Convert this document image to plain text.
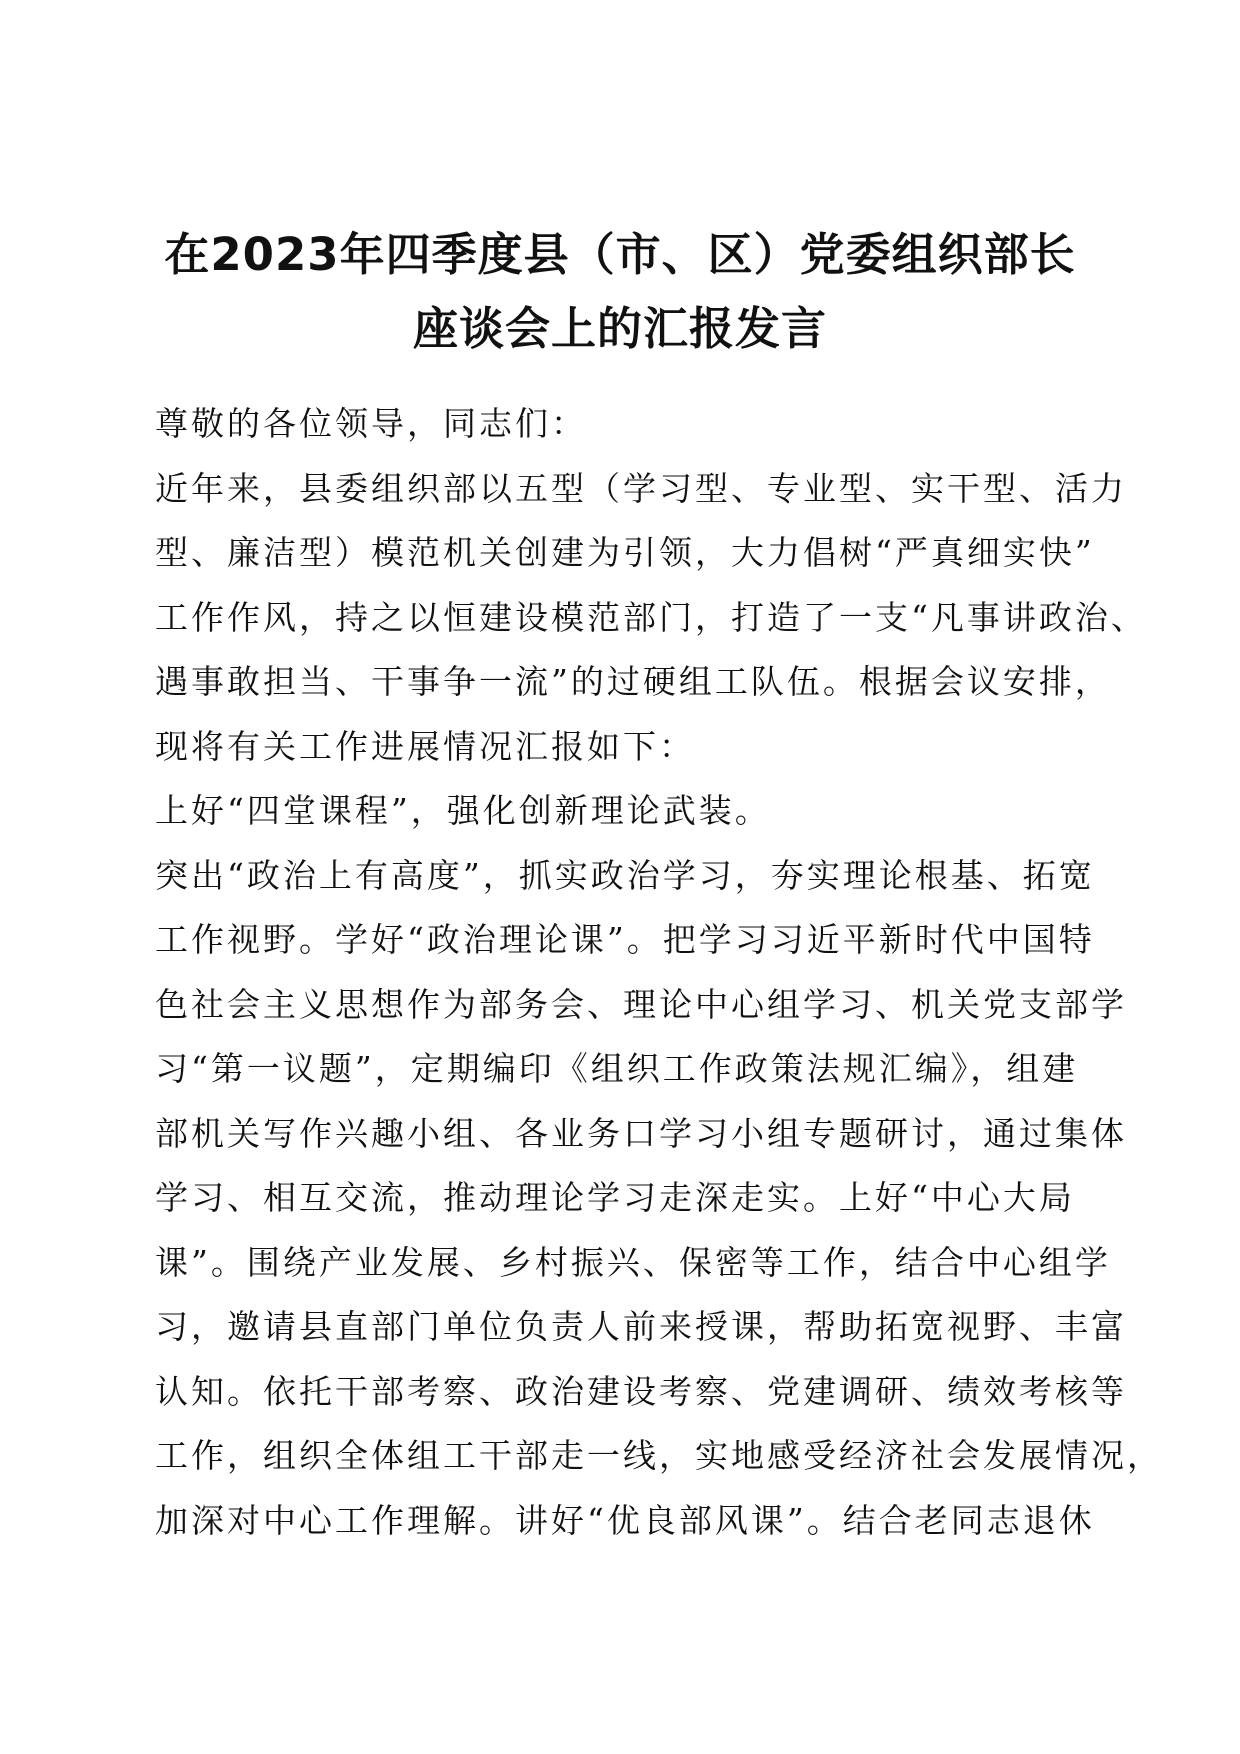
在2023年四季度县（市、区）党委组织部长
座谈会上的汇报发言
尊敬的各位领导，同志们：
近年来，县委组织部以五型（学习型、专业型、实干型、活力
型、廉洁型）模范机关创建为引领，大力倡树“严真细实快”
工作作风，持之以恒建设模范部门，打造了一支“凡事讲政治、
遇事敢担当、干事争一流”的过硬组工队伍。根据会议安排，
现将有关工作进展情况汇报如下：
上好“四堂课程”，强化创新理论武装。
突出“政治上有高度”，抓实政治学习，夯实理论根基、拓宽
工作视野。学好“政治理论课”。把学习习近平新时代中国特
色社会主义思想作为部务会、理论中心组学习、机关党支部学
习“第一议题”，定期编印《组织工作政策法规汇编》，组建
部机关写作兴趣小组、各业务口学习小组专题研讨，通过集体
学习、相互交流，推动理论学习走深走实。上好“中心大局
课”。围绕产业发展、乡村振兴、保密等工作，结合中心组学
习，邀请县直部门单位负责人前来授课，帮助拓宽视野、丰富
认知。依托干部考察、政治建设考察、党建调研、绩效考核等
工作，组织全体组工干部走一线，实地感受经济社会发展情况，
加深对中心工作理解。讲好“优良部风课”。结合老同志退休
